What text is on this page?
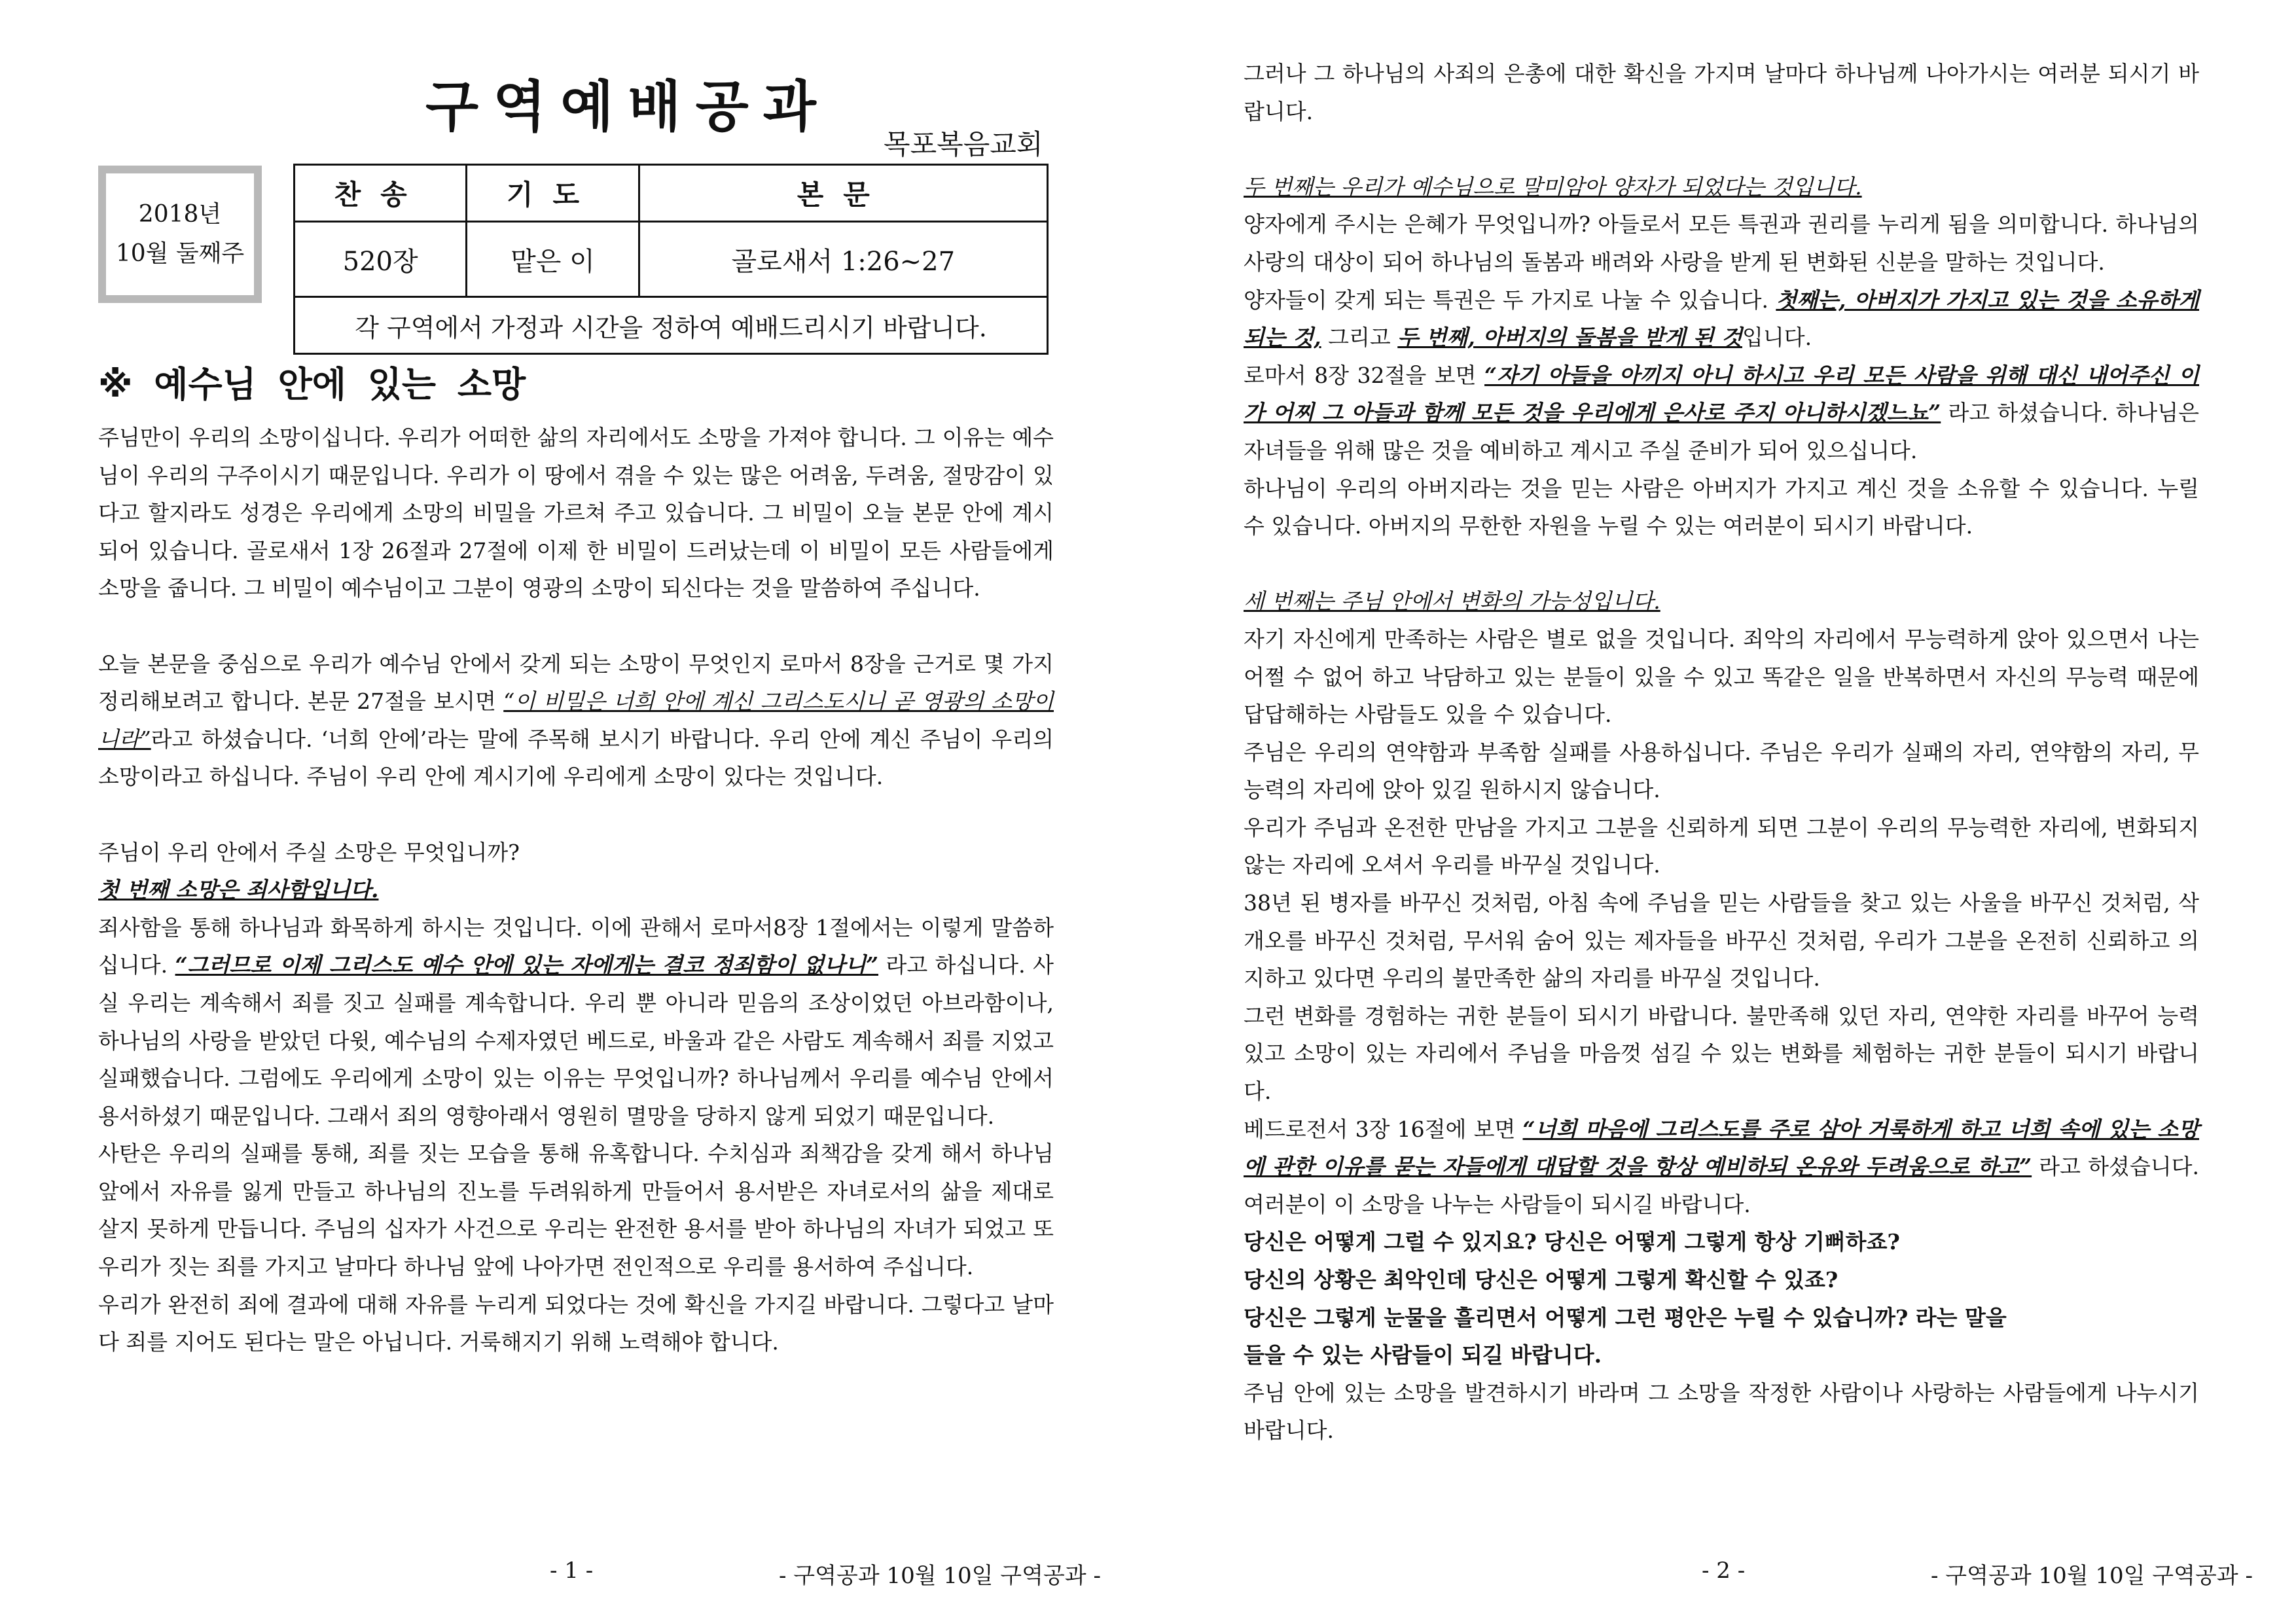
구역예배공과
목포복음교회
2018년
10월 둘째주
찬송	기도	본문
520장	맡은 이	골로새서 1:26~27
각 구역에서 가정과 시간을 정하여 예배드리시기 바랍니다.		
※ 예수님 안에 있는 소망

주님만이 우리의 소망이십니다. 우리가 어떠한 삶의 자리에서도 소망을 가져야 합니다. 그 이유는 예수님이 우리의 구주이시기 때문입니다. 우리가 이 땅에서 겪을 수 있는 많은 어려움, 두려움, 절망감이 있다고 할지라도 성경은 우리에게 소망의 비밀을 가르쳐 주고 있습니다. 그 비밀이 오늘 본문 안에 계시되어 있습니다. 골로새서 1장 26절과 27절에 이제 한 비밀이 드러났는데 이 비밀이 모든 사람들에게 소망을 줍니다. 그 비밀이 예수님이고 그분이 영광의 소망이 되신다는 것을 말씀하여 주십니다.

오늘 본문을 중심으로 우리가 예수님 안에서 갖게 되는 소망이 무엇인지 로마서 8장을 근거로 몇 가지 정리해보려고 합니다. 본문 27절을 보시면 “이 비밀은 너희 안에 계신 그리스도시니 곧 영광의 소망이니라”라고 하셨습니다. ‘너희 안에’라는 말에 주목해 보시기 바랍니다. 우리 안에 계신 주님이 우리의 소망이라고 하십니다. 주님이 우리 안에 계시기에 우리에게 소망이 있다는 것입니다.

주님이 우리 안에서 주실 소망은 무엇입니까?

첫 번째 소망은 죄사함입니다.

죄사함을 통해 하나님과 화목하게 하시는 것입니다. 이에 관해서 로마서8장 1절에서는 이렇게 말씀하십니다. “그러므로 이제 그리스도 예수 안에 있는 자에게는 결코 정죄함이 없나니” 라고 하십니다. 사실 우리는 계속해서 죄를 짓고 실패를 계속합니다. 우리 뿐 아니라 믿음의 조상이었던 아브라함이나, 하나님의 사랑을 받았던 다윗, 예수님의 수제자였던 베드로, 바울과 같은 사람도 계속해서 죄를 지었고 실패했습니다. 그럼에도 우리에게 소망이 있는 이유는 무엇입니까? 하나님께서 우리를 예수님 안에서 용서하셨기 때문입니다. 그래서 죄의 영향아래서 영원히 멸망을 당하지 않게 되었기 때문입니다.

사탄은 우리의 실패를 통해, 죄를 짓는 모습을 통해 유혹합니다. 수치심과 죄책감을 갖게 해서 하나님 앞에서 자유를 잃게 만들고 하나님의 진노를 두려워하게 만들어서 용서받은 자녀로서의 삶을 제대로 살지 못하게 만듭니다. 주님의 십자가 사건으로 우리는 완전한 용서를 받아 하나님의 자녀가 되었고 또 우리가 짓는 죄를 가지고 날마다 하나님 앞에 나아가면 전인적으로 우리를 용서하여 주십니다.

우리가 완전히 죄에 결과에 대해 자유를 누리게 되었다는 것에 확신을 가지길 바랍니다. 그렇다고 날마다 죄를 지어도 된다는 말은 아닙니다. 거룩해지기 위해 노력해야 합니다.

- 1 -	- 구역공과 10월 10일 구역공과 -

그러나 그 하나님의 사죄의 은총에 대한 확신을 가지며 날마다 하나님께 나아가시는 여러분 되시기 바랍니다.

두 번째는 우리가 예수님으로 말미암아 양자가 되었다는 것입니다.

양자에게 주시는 은혜가 무엇입니까? 아들로서 모든 특권과 권리를 누리게 됨을 의미합니다. 하나님의 사랑의 대상이 되어 하나님의 돌봄과 배려와 사랑을 받게 된 변화된 신분을 말하는 것입니다.

양자들이 갖게 되는 특권은 두 가지로 나눌 수 있습니다. 첫째는, 아버지가 가지고 있는 것을 소유하게 되는 것, 그리고 두 번째, 아버지의 돌봄을 받게 된 것입니다.

로마서 8장 32절을 보면 “자기 아들을 아끼지 아니 하시고 우리 모든 사람을 위해 대신 내어주신 이가 어찌 그 아들과 함께 모든 것을 우리에게 은사로 주지 아니하시겠느뇨” 라고 하셨습니다. 하나님은 자녀들을 위해 많은 것을 예비하고 계시고 주실 준비가 되어 있으십니다.

하나님이 우리의 아버지라는 것을 믿는 사람은 아버지가 가지고 계신 것을 소유할 수 있습니다. 누릴 수 있습니다. 아버지의 무한한 자원을 누릴 수 있는 여러분이 되시기 바랍니다.

세 번째는 주님 안에서 변화의 가능성입니다.

자기 자신에게 만족하는 사람은 별로 없을 것입니다. 죄악의 자리에서 무능력하게 앉아 있으면서 나는 어쩔 수 없어 하고 낙담하고 있는 분들이 있을 수 있고 똑같은 일을 반복하면서 자신의 무능력 때문에 답답해하는 사람들도 있을 수 있습니다.

주님은 우리의 연약함과 부족함 실패를 사용하십니다. 주님은 우리가 실패의 자리, 연약함의 자리, 무능력의 자리에 앉아 있길 원하시지 않습니다.

우리가 주님과 온전한 만남을 가지고 그분을 신뢰하게 되면 그분이 우리의 무능력한 자리에, 변화되지 않는 자리에 오셔서 우리를 바꾸실 것입니다.

38년 된 병자를 바꾸신 것처럼, 아침 속에 주님을 믿는 사람들을 찾고 있는 사울을 바꾸신 것처럼, 삭개오를 바꾸신 것처럼, 무서워 숨어 있는 제자들을 바꾸신 것처럼, 우리가 그분을 온전히 신뢰하고 의지하고 있다면 우리의 불만족한 삶의 자리를 바꾸실 것입니다.

그런 변화를 경험하는 귀한 분들이 되시기 바랍니다. 불만족해 있던 자리, 연약한 자리를 바꾸어 능력 있고 소망이 있는 자리에서 주님을 마음껏 섬길 수 있는 변화를 체험하는 귀한 분들이 되시기 바랍니다.

베드로전서 3장 16절에 보면 “너희 마음에 그리스도를 주로 삼아 거룩하게 하고 너희 속에 있는 소망에 관한 이유를 묻는 자들에게 대답할 것을 항상 예비하되 온유와 두려움으로 하고” 라고 하셨습니다. 여러분이 이 소망을 나누는 사람들이 되시길 바랍니다.

당신은 어떻게 그럴 수 있지요? 당신은 어떻게 그렇게 항상 기뻐하죠?

당신의 상황은 최악인데 당신은 어떻게 그렇게 확신할 수 있죠?

당신은 그렇게 눈물을 흘리면서 어떻게 그런 평안은 누릴 수 있습니까? 라는 말을

들을 수 있는 사람들이 되길 바랍니다.

주님 안에 있는 소망을 발견하시기 바라며 그 소망을 작정한 사람이나 사랑하는 사람들에게 나누시기 바랍니다.

- 2 -	- 구역공과 10월 10일 구역공과 -
